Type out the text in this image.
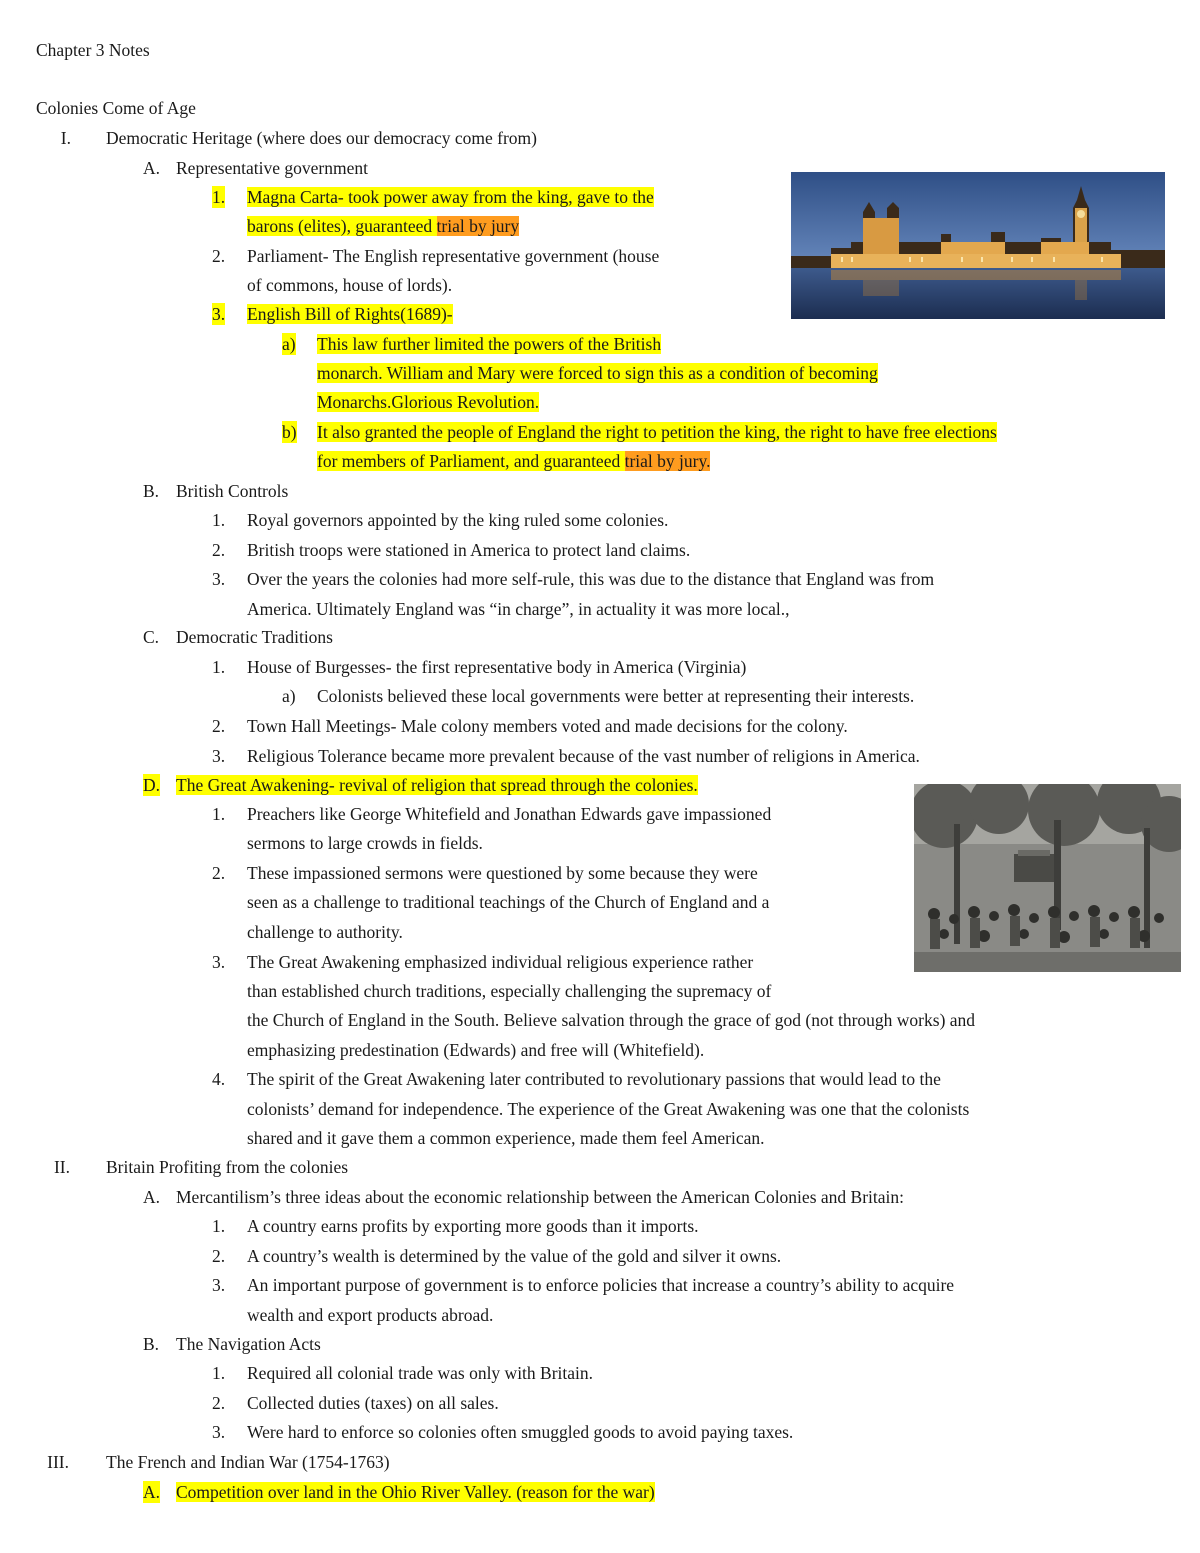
Chapter 3 Notes
Colonies Come of Age
I. Democratic Heritage (where does our democracy come from)
A. Representative government
1. Magna Carta- took power away from the king, gave to the
barons (elites), guaranteed trial by jury
2. Parliament- The English representative government (house
of commons, house of lords).
3. English Bill of Rights(1689)-
a) This law further limited the powers of the British
monarch. William and Mary were forced to sign this as a condition of becoming
Monarchs.Glorious Revolution.
b) It also granted the people of England the right to petition the king, the right to have free elections
for members of Parliament, and guaranteed trial by jury.
B. British Controls
1. Royal governors appointed by the king ruled some colonies.
2. British troops were stationed in America to protect land claims.
3. Over the years the colonies had more self-rule, this was due to the distance that England was from
America. Ultimately England was “in charge”, in actuality it was more local.,
C. Democratic Traditions
1. House of Burgesses- the first representative body in America (Virginia)
a) Colonists believed these local governments were better at representing their interests.
2. Town Hall Meetings- Male colony members voted and made decisions for the colony.
3. Religious Tolerance became more prevalent because of the vast number of religions in America.
D. The Great Awakening- revival of religion that spread through the colonies.
1. Preachers like George Whitefield and Jonathan Edwards gave impassioned
sermons to large crowds in fields.
2. These impassioned sermons were questioned by some because they were
seen as a challenge to traditional teachings of the Church of England and a
challenge to authority.
3. The Great Awakening emphasized individual religious experience rather
than established church traditions, especially challenging the supremacy of
the Church of England in the South. Believe salvation through the grace of god (not through works) and
emphasizing predestination (Edwards) and free will (Whitefield).
4. The spirit of the Great Awakening later contributed to revolutionary passions that would lead to the
colonists’ demand for independence. The experience of the Great Awakening was one that the colonists
shared and it gave them a common experience, made them feel American.
II. Britain Profiting from the colonies
A. Mercantilism’s three ideas about the economic relationship between the American Colonies and Britain:
1. A country earns profits by exporting more goods than it imports.
2. A country’s wealth is determined by the value of the gold and silver it owns.
3. An important purpose of government is to enforce policies that increase a country’s ability to acquire
wealth and export products abroad.
B. The Navigation Acts
1. Required all colonial trade was only with Britain.
2. Collected duties (taxes) on all sales.
3. Were hard to enforce so colonies often smuggled goods to avoid paying taxes.
III. The French and Indian War (1754-1763)
A. Competition over land in the Ohio River Valley. (reason for the war)
